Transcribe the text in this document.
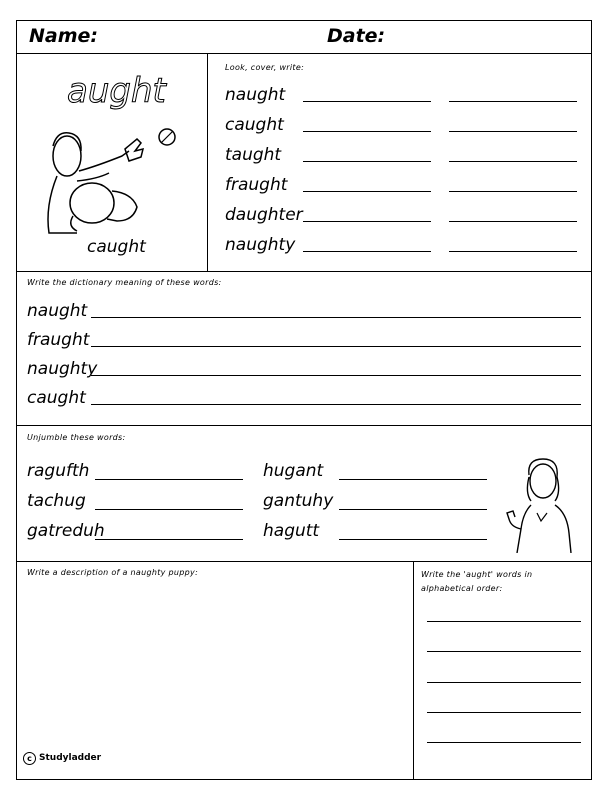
Name:	Date:
aught
caught
Look, cover, write:
naught
caught
taught
fraught
daughter
naughty
Write the dictionary meaning of these words:
naught
fraught
naughty
caught
Unjumble these words:
ragufth
tachug
gatreduh
hugant
gantuhy
hagutt
Write a description of a naughty puppy:	Write the 'aught' words in alphabetical order:
c Studyladder
